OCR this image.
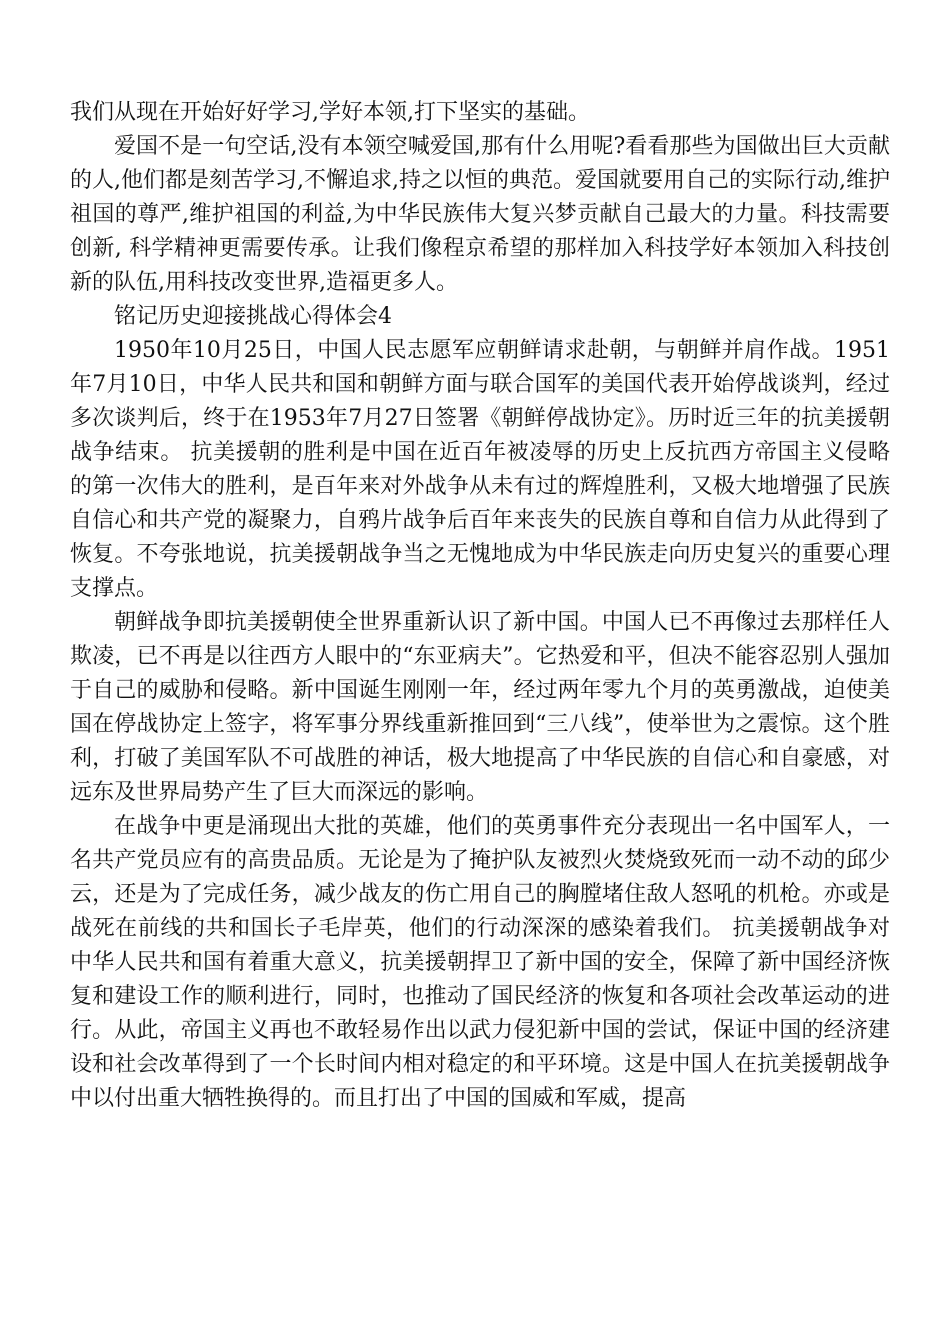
我们从现在开始好好学习,学好本领,打下坚实的基础。

爱国不是一句空话,没有本领空喊爱国,那有什么用呢?看看那些为国做出巨大贡献的人,他们都是刻苦学习,不懈追求,持之以恒的典范。爱国就要用自己的实际行动,维护祖国的尊严,维护祖国的利益,为中华民族伟大复兴梦贡献自己最大的力量。科技需要创新, 科学精神更需要传承。让我们像程京希望的那样加入科技学好本领加入科技创新的队伍,用科技改变世界,造福更多人。

铭记历史迎接挑战心得体会4

1950年10月25日，中国人民志愿军应朝鲜请求赴朝，与朝鲜并肩作战。1951年7月10日，中华人民共和国和朝鲜方面与联合国军的美国代表开始停战谈判，经过多次谈判后，终于在1953年7月27日签署《朝鲜停战协定》。历时近三年的抗美援朝战争结束。 抗美援朝的胜利是中国在近百年被凌辱的历史上反抗西方帝国主义侵略的第一次伟大的胜利，是百年来对外战争从未有过的辉煌胜利，又极大地增强了民族自信心和共产党的凝聚力，自鸦片战争后百年来丧失的民族自尊和自信力从此得到了恢复。不夸张地说，抗美援朝战争当之无愧地成为中华民族走向历史复兴的重要心理支撑点。

朝鲜战争即抗美援朝使全世界重新认识了新中国。中国人已不再像过去那样任人欺凌，已不再是以往西方人眼中的“东亚病夫”。它热爱和平，但决不能容忍别人强加于自己的威胁和侵略。新中国诞生刚刚一年，经过两年零九个月的英勇激战，迫使美国在停战协定上签字，将军事分界线重新推回到“三八线”，使举世为之震惊。这个胜利，打破了美国军队不可战胜的神话，极大地提高了中华民族的自信心和自豪感，对远东及世界局势产生了巨大而深远的影响。

在战争中更是涌现出大批的英雄，他们的英勇事件充分表现出一名中国军人，一名共产党员应有的高贵品质。无论是为了掩护队友被烈火焚烧致死而一动不动的邱少云，还是为了完成任务，减少战友的伤亡用自己的胸膛堵住敌人怒吼的机枪。亦或是战死在前线的共和国长子毛岸英，他们的行动深深的感染着我们。 抗美援朝战争对中华人民共和国有着重大意义，抗美援朝捍卫了新中国的安全，保障了新中国经济恢复和建设工作的顺利进行，同时，也推动了国民经济的恢复和各项社会改革运动的进行。从此，帝国主义再也不敢轻易作出以武力侵犯新中国的尝试，保证中国的经济建设和社会改革得到了一个长时间内相对稳定的和平环境。这是中国人在抗美援朝战争中以付出重大牺牲换得的。而且打出了中国的国威和军威，提高
